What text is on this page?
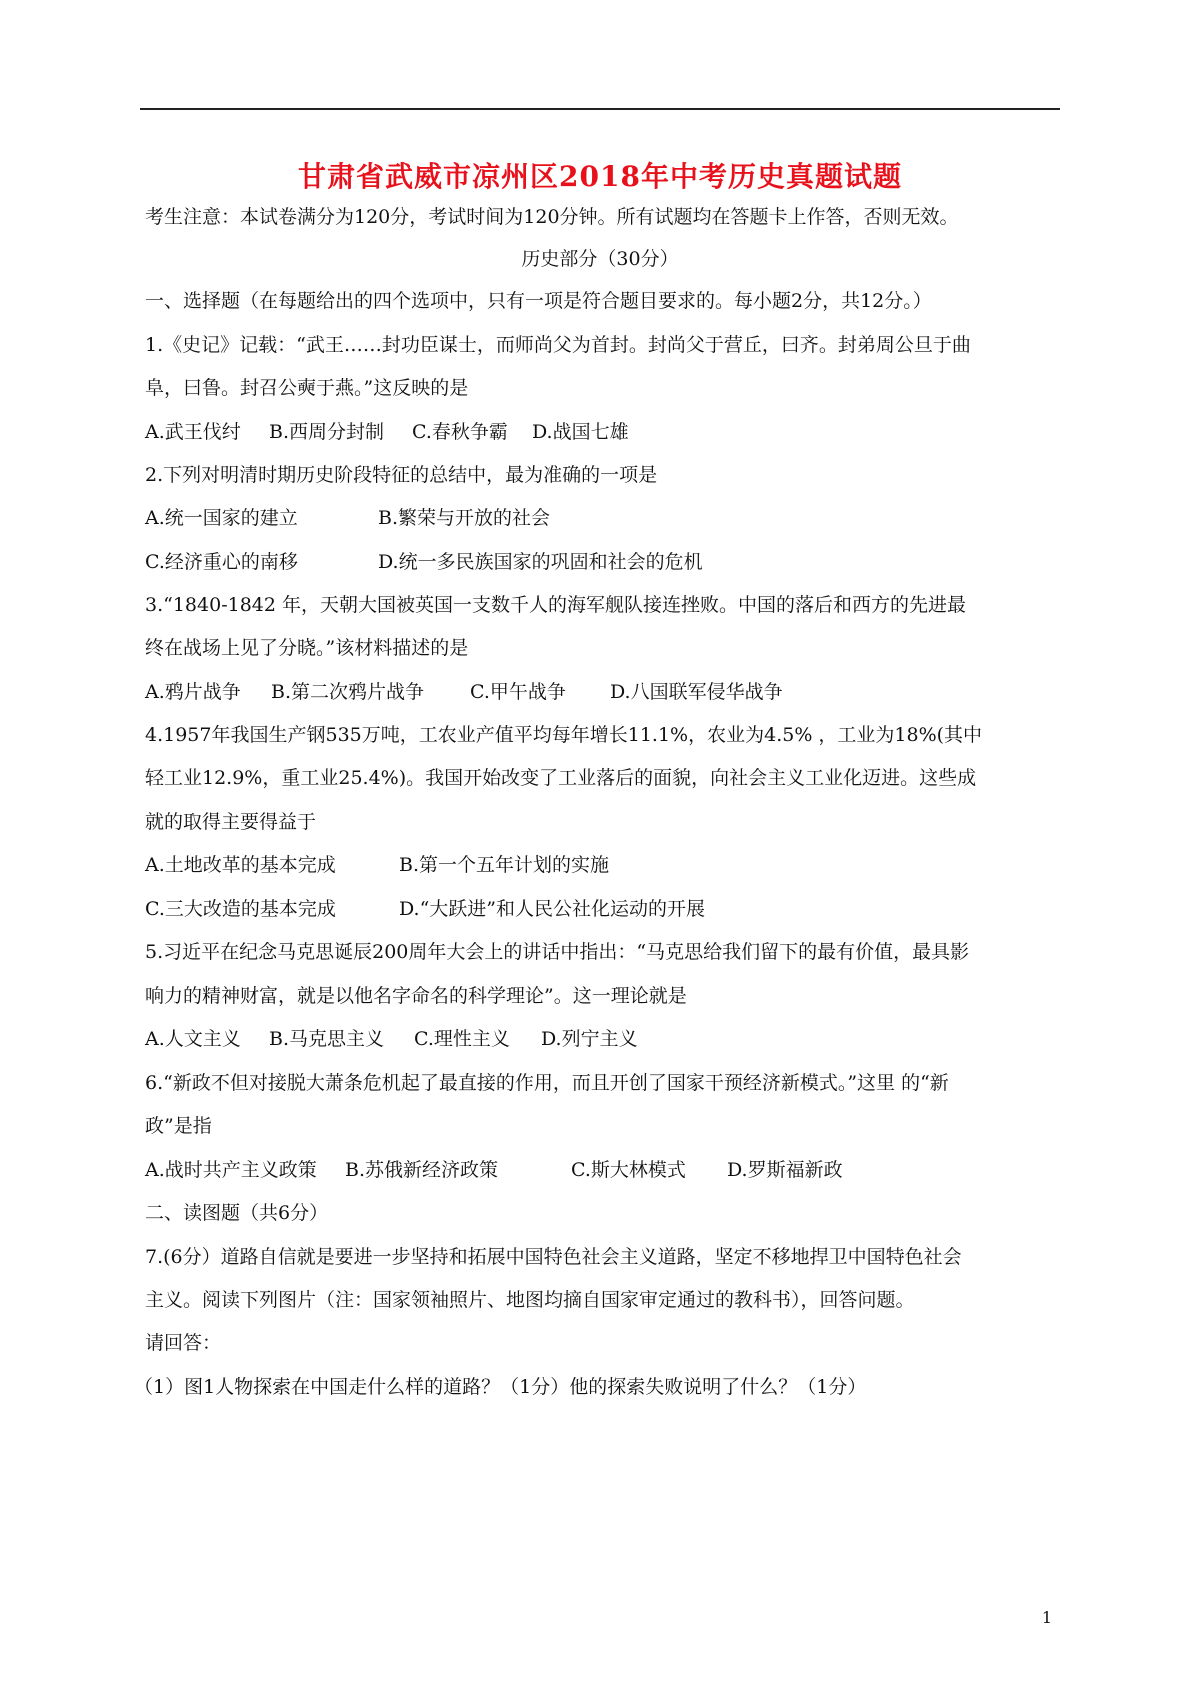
甘肃省武威市凉州区2018年中考历史真题试题
考生注意：本试卷满分为120分，考试时间为120分钟。所有试题均在答题卡上作答，否则无效。
历史部分（30分）
一、选择题（在每题给出的四个选项中，只有一项是符合题目要求的。每小题2分，共12分。）
1.《史记》记载：“武王……封功臣谋士，而师尚父为首封。封尚父于营丘，曰齐。封弟周公旦于曲
阜，曰鲁。封召公奭于燕。”这反映的是
A.武王伐纣 B.西周分封制 C.春秋争霸 D.战国七雄
2.下列对明清时期历史阶段特征的总结中，最为准确的一项是
A.统一国家的建立	B.繁荣与开放的社会
C.经济重心的南移	D.统一多民族国家的巩固和社会的危机
3.“1840-1842 年，天朝大国被英国一支数千人的海军舰队接连挫败。中国的落后和西方的先进最
终在战场上见了分晓。”该材料描述的是
A.鸦片战争 B.第二次鸦片战争 C.甲午战争 D.八国联军侵华战争
4.1957年我国生产钢535万吨，工农业产值平均每年增长11.1%，农业为4.5% ，工业为18%(其中
轻工业12.9%，重工业25.4%)。我国开始改变了工业落后的面貌，向社会主义工业化迈进。这些成
就的取得主要得益于
A.土地改革的基本完成	B.第一个五年计划的实施
C.三大改造的基本完成	D.“大跃进”和人民公社化运动的开展
5.习近平在纪念马克思诞辰200周年大会上的讲话中指出：“马克思给我们留下的最有价值，最具影
响力的精神财富，就是以他名字命名的科学理论”。这一理论就是
A.人文主义 B.马克思主义 C.理性主义 D.列宁主义
6.“新政不但对接脱大萧条危机起了最直接的作用，而且开创了国家干预经济新模式。”这里 的“新
政”是指
A.战时共产主义政策 B.苏俄新经济政策	C.斯大林模式 D.罗斯福新政
二、读图题（共6分）
7.(6分）道路自信就是要进一步坚持和拓展中国特色社会主义道路，坚定不移地捍卫中国特色社会
主义。阅读下列图片（注：国家领袖照片、地图均摘自国家审定通过的教科书），回答问题。
请回答：
（1）图1人物探索在中国走什么样的道路？（1分）他的探索失败说明了什么？（1分）
1
